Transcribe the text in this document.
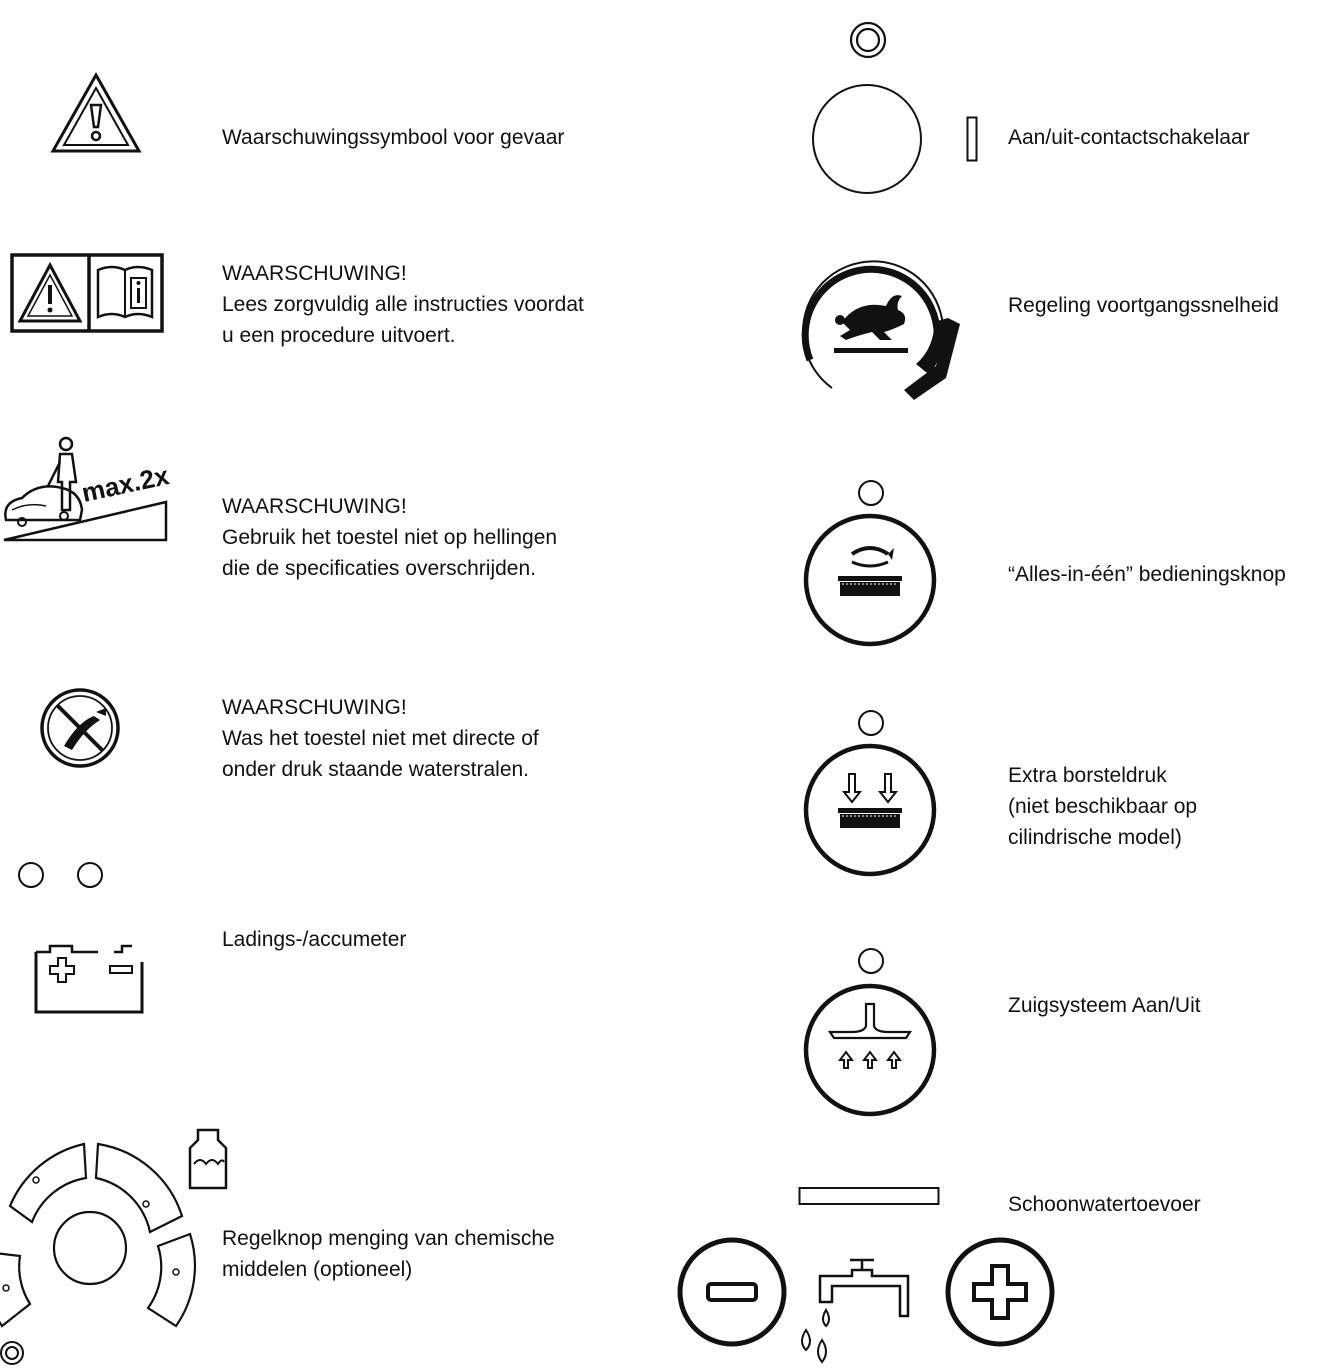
Waarschuwingssymbool voor gevaar

WAARSCHUWING!
Lees zorgvuldig alle instructies voordat
u een procedure uitvoert.

max.2x WAARSCHUWING!
Gebruik het toestel niet op hellingen
die de specificaties overschrijden.

WAARSCHUWING!
Was het toestel niet met directe of
onder druk staande waterstralen.

Ladings-/accumeter

Regelknop menging van chemische
middelen (optioneel)

Aan/uit-contactschakelaar

Regeling voortgangssnelheid

“Alles-in-één” bedieningsknop

Extra borsteldruk
(niet beschikbaar op
cilindrische model)

Zuigsysteem Aan/Uit

Schoonwatertoevoer
